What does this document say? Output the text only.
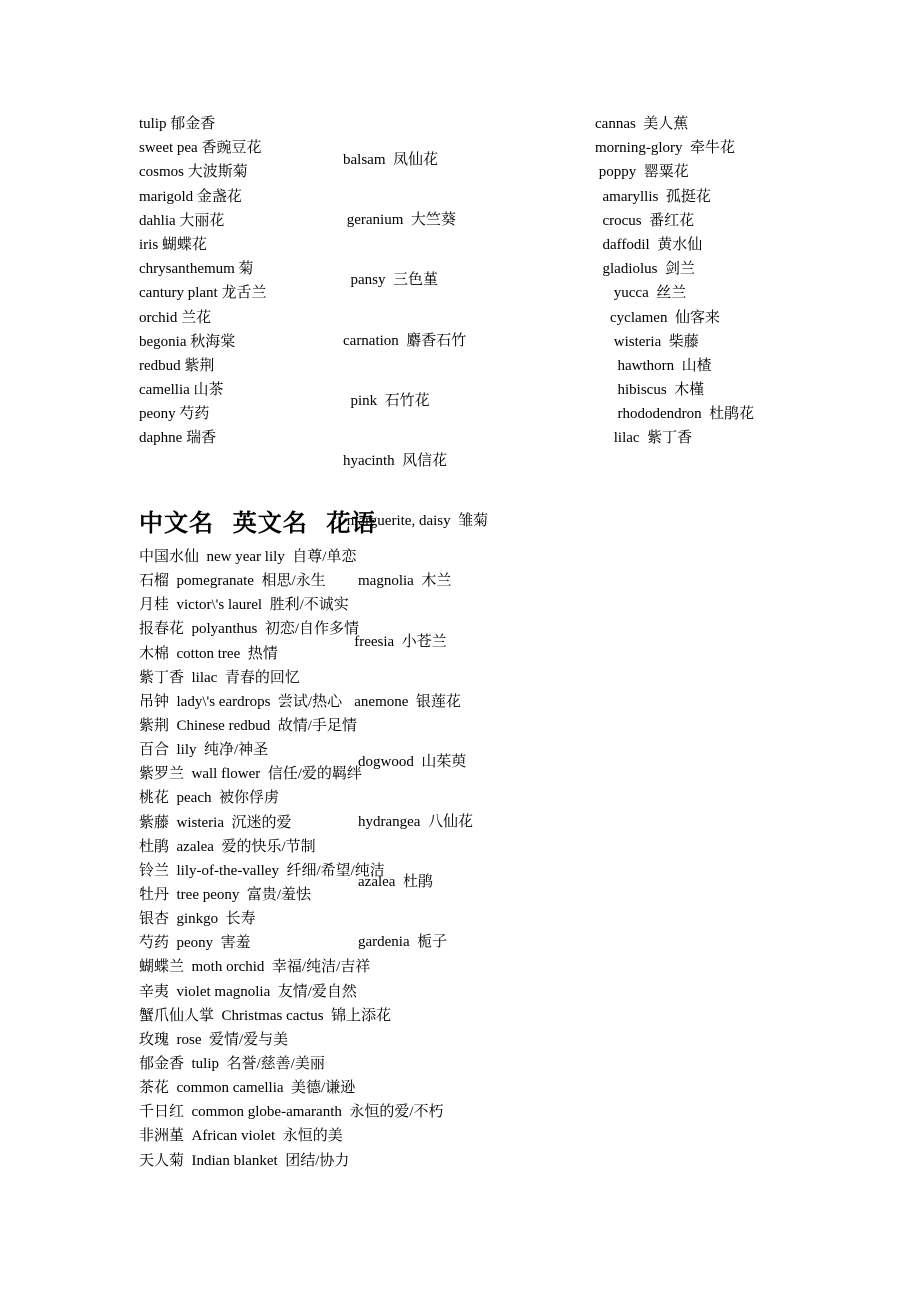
tulip 郁金香
sweet pea 香豌豆花
cosmos 大波斯菊
marigold 金盏花
dahlia 大丽花
iris 蝴蝶花
chrysanthemum 菊
cantury plant 龙舌兰
orchid 兰花
begonia 秋海棠
redbud 紫荆
camellia 山茶
peony 芍药
daphne 瑞香

balsam  凤仙花

geranium  大竺葵

pansy  三色堇

carnation  麝香石竹

pink  石竹花

hyacinth  风信花

marguerite, daisy  雏菊

magnolia  木兰

freesia  小苍兰

anemone  银莲花

dogwood  山茱萸

hydrangea  八仙花

azalea  杜鹃

gardenia  栀子

cannas  美人蕉
morning-glory  牵牛花
poppy  罂粟花
amaryllis  孤挺花
crocus  番红花
daffodil  黄水仙
gladiolus  剑兰
yucca  丝兰
cyclamen  仙客来
wisteria  柴藤
hawthorn  山楂
hibiscus  木槿
rhododendron  杜鹃花
lilac  紫丁香
中文名  英文名  花语
中国水仙  new year lily  自尊/单恋
石榴  pomegranate  相思/永生
月桂  victor\'s laurel  胜利/不诚实
报春花  polyanthus  初恋/自作多情
木棉  cotton tree  热情
紫丁香  lilac  青春的回忆
吊钟  lady\'s eardrops  尝试/热心
紫荆  Chinese redbud  故情/手足情
百合  lily  纯净/神圣
紫罗兰  wall flower  信任/爱的羁绊
桃花  peach  被你俘虏
紫藤  wisteria  沉迷的爱
杜鹃  azalea  爱的快乐/节制
铃兰  lily-of-the-valley  纤细/希望/纯洁
牡丹  tree peony  富贵/羞怯
银杏  ginkgo  长寿
芍药  peony  害羞
蝴蝶兰  moth orchid  幸福/纯洁/吉祥
辛夷  violet magnolia  友情/爱自然
蟹爪仙人掌  Christmas cactus  锦上添花
玫瑰  rose  爱情/爱与美
郁金香  tulip  名誉/慈善/美丽
茶花  common camellia  美德/谦逊
千日红  common globe-amaranth  永恒的爱/不朽
非洲堇  African violet  永恒的美
天人菊  Indian blanket  团结/协力
